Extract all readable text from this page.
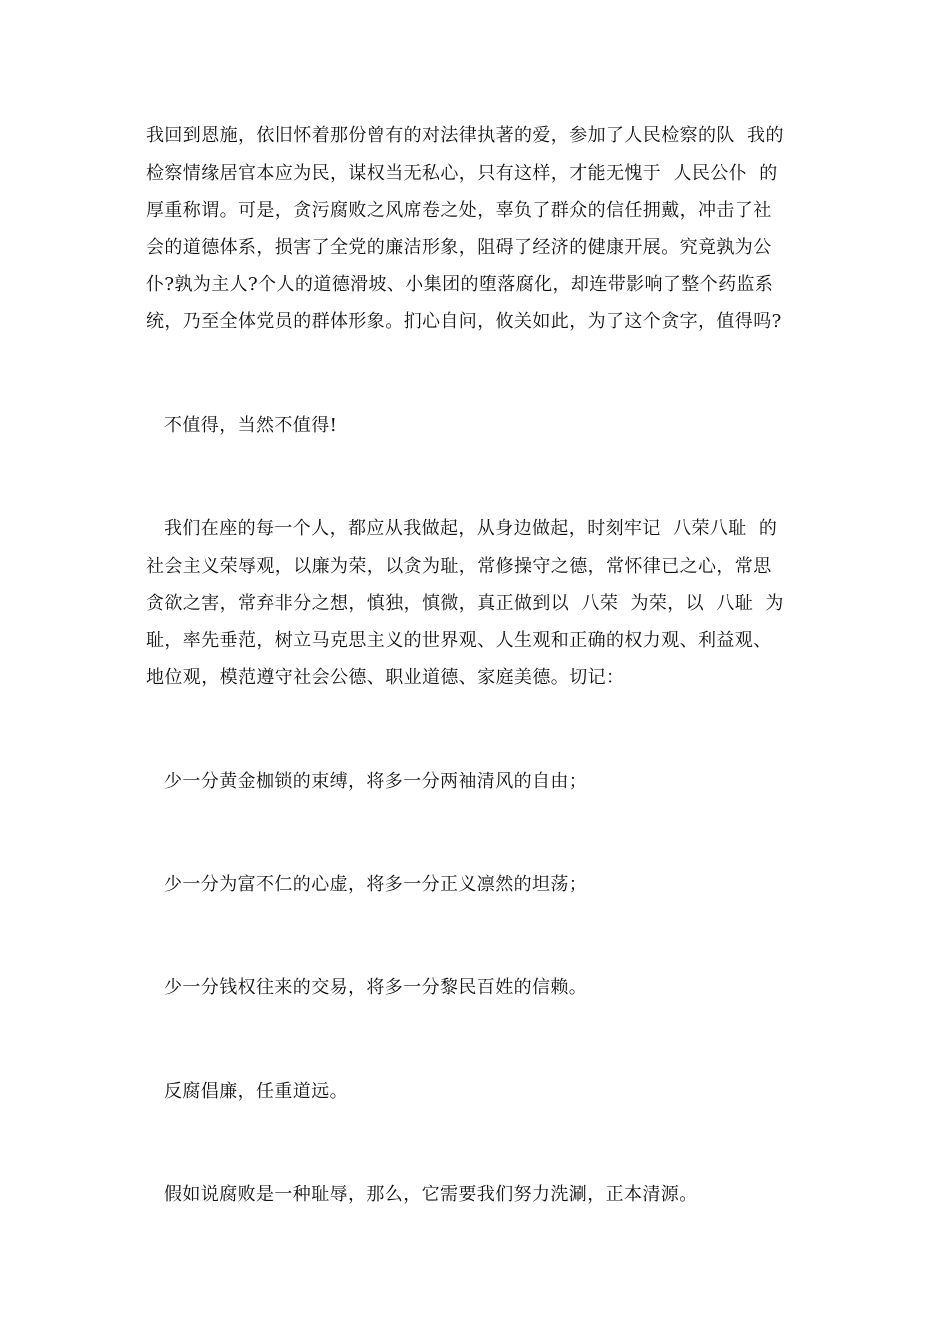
我回到恩施，依旧怀着那份曾有的对法律执著的爱，参加了人民检察的队  我的
检察情缘居官本应为民，谋权当无私心，只有这样，才能无愧于  人民公仆  的
厚重称谓。可是，贪污腐败之风席卷之处，辜负了群众的信任拥戴，冲击了社
会的道德体系，损害了全党的廉洁形象，阻碍了经济的健康开展。究竟孰为公
仆?孰为主人?个人的道德滑坡、小集团的堕落腐化，却连带影响了整个药监系
统，乃至全体党员的群体形象。扪心自问，攸关如此，为了这个贪字，值得吗?
不值得，当然不值得!
我们在座的每一个人，都应从我做起，从身边做起，时刻牢记  八荣八耻  的
社会主义荣辱观，以廉为荣，以贪为耻，常修操守之德，常怀律已之心，常思
贪欲之害，常弃非分之想，慎独，慎微，真正做到以  八荣  为荣，以  八耻  为
耻，率先垂范，树立马克思主义的世界观、人生观和正确的权力观、利益观、
地位观，模范遵守社会公德、职业道德、家庭美德。切记：
少一分黄金枷锁的束缚，将多一分两袖清风的自由；
少一分为富不仁的心虚，将多一分正义凛然的坦荡；
少一分钱权往来的交易，将多一分黎民百姓的信赖。
反腐倡廉，任重道远。
假如说腐败是一种耻辱，那么，它需要我们努力洗涮，正本清源。
